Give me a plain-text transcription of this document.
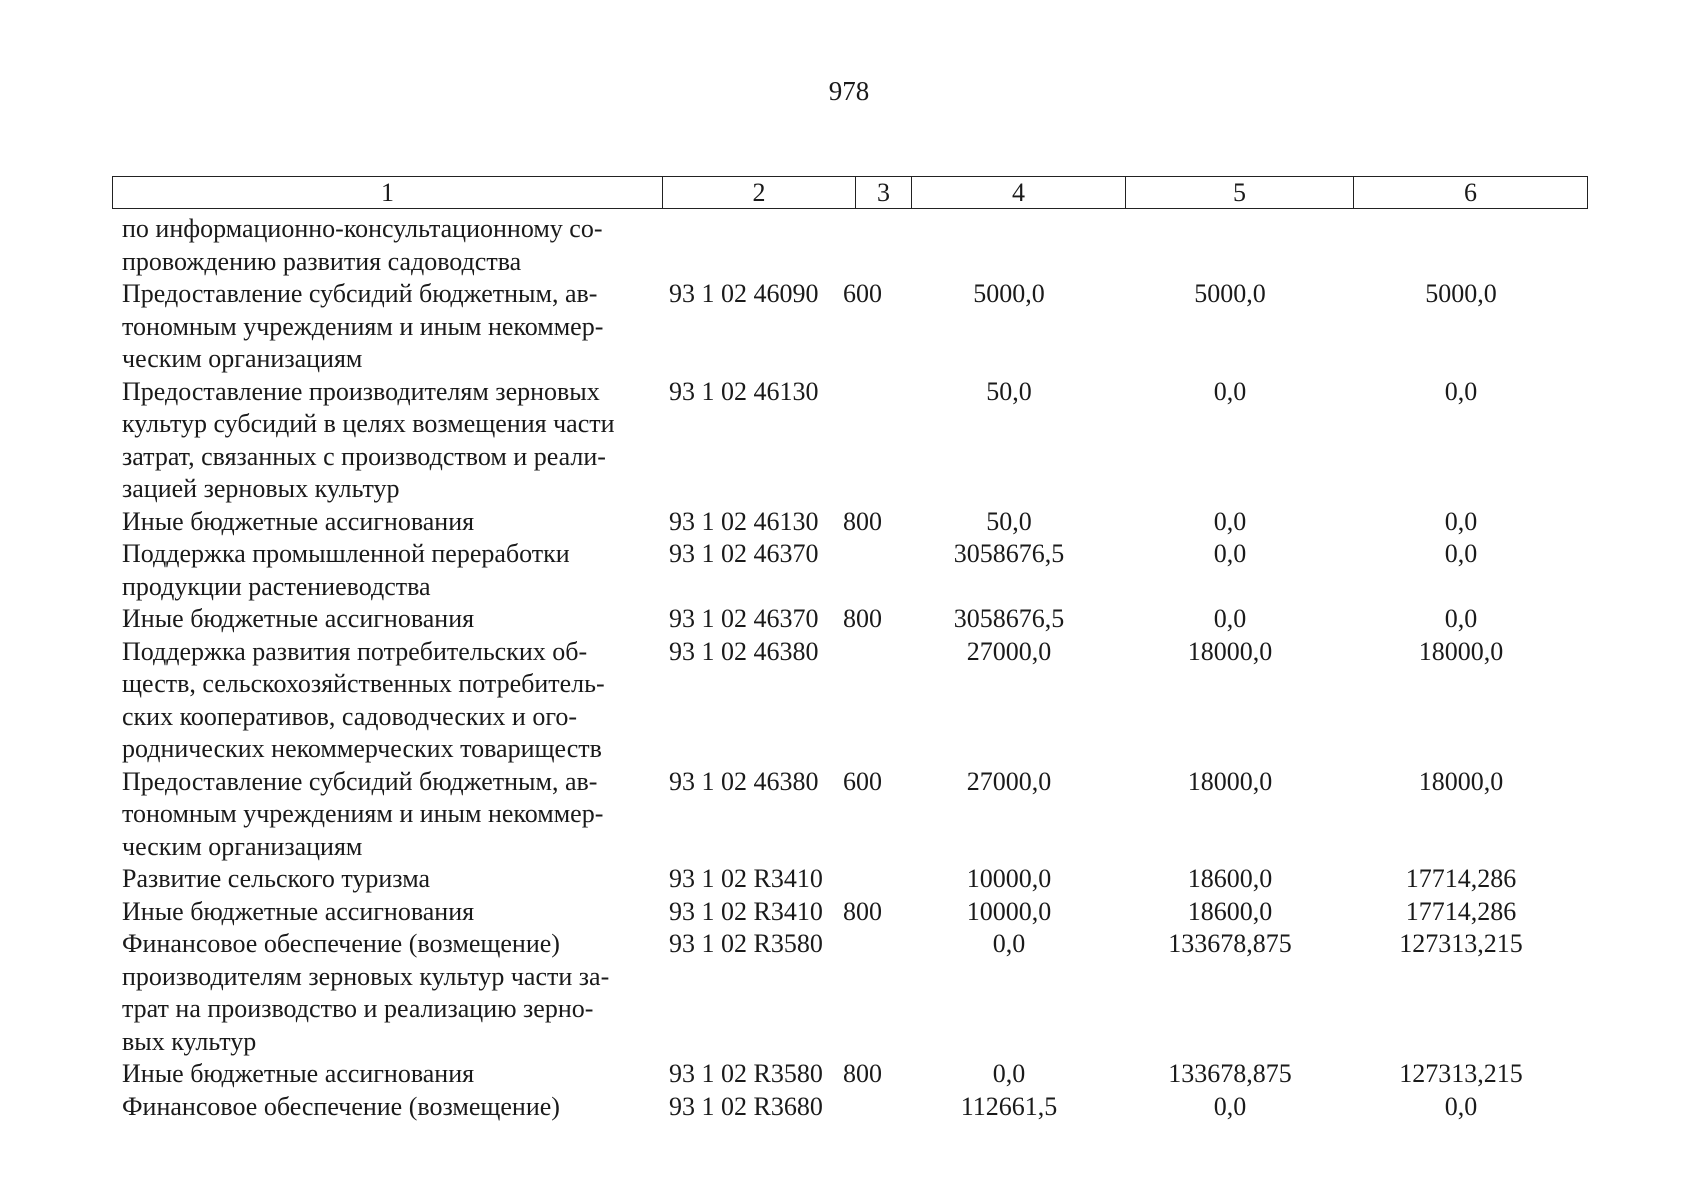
978
1	2	3	4	5	6
по информационно-консультационному со-
провождению развития садоводства
Предоставление субсидий бюджетным, ав-
тономным учреждениям и иным некоммер-
ческим организациям
93 1 02 46090 600	5000,0	5000,0	5000,0
Предоставление производителям зерновых
культур субсидий в целях возмещения части
затрат, связанных с производством и реали-
зацией зерновых культур
93 1 02 46130	50,0	0,0	0,0
Иные бюджетные ассигнования	93 1 02 46130 800	50,0	0,0	0,0
Поддержка промышленной переработки
продукции растениеводства
93 1 02 46370	3058676,5	0,0	0,0
Иные бюджетные ассигнования	93 1 02 46370 800	3058676,5	0,0	0,0
Поддержка развития потребительских об-
ществ, сельскохозяйственных потребитель-
ских кооперативов, садоводческих и ого-
роднических некоммерческих товариществ
93 1 02 46380	27000,0	18000,0	18000,0
Предоставление субсидий бюджетным, ав-
тономным учреждениям и иным некоммер-
ческим организациям
93 1 02 46380 600	27000,0	18000,0	18000,0
Развитие сельского туризма	93 1 02 R3410	10000,0	18600,0	17714,286
Иные бюджетные ассигнования	93 1 02 R3410 800	10000,0	18600,0	17714,286
Финансовое обеспечение (возмещение)
производителям зерновых культур части за-
трат на производство и реализацию зерно-
вых культур
93 1 02 R3580	0,0	133678,875	127313,215
Иные бюджетные ассигнования	93 1 02 R3580 800	0,0	133678,875	127313,215
Финансовое обеспечение (возмещение)	93 1 02 R3680	112661,5	0,0	0,0
